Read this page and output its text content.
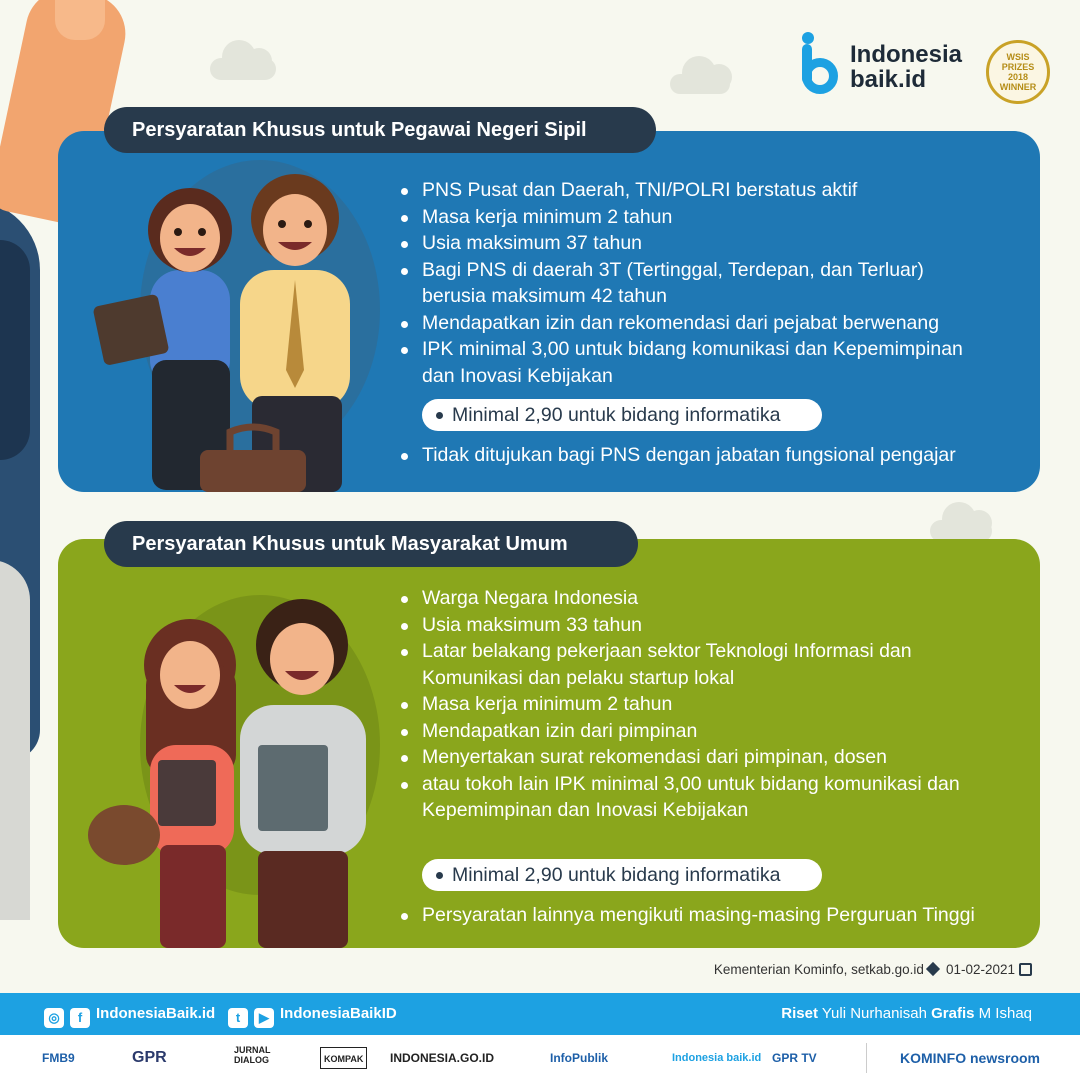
Indonesia
baik.id
WSIS
PRIZES
2018
WINNER
Persyaratan Khusus untuk Pegawai Negeri Sipil
PNS Pusat dan Daerah, TNI/POLRI berstatus aktif
Masa kerja minimum 2 tahun
Usia maksimum 37 tahun
Bagi PNS di daerah 3T (Tertinggal, Terdepan, dan Terluar) berusia maksimum 42 tahun
Mendapatkan izin dan rekomendasi dari pejabat berwenang
IPK minimal 3,00 untuk bidang komunikasi dan Kepemimpinan dan Inovasi Kebijakan
Minimal 2,90 untuk bidang informatika
Tidak ditujukan bagi PNS dengan jabatan fungsional pengajar
Persyaratan Khusus untuk Masyarakat Umum
Warga Negara Indonesia
Usia maksimum 33 tahun
Latar belakang pekerjaan sektor Teknologi Informasi dan Komunikasi dan pelaku startup lokal
Masa kerja minimum 2 tahun
Mendapatkan izin dari pimpinan
Menyertakan surat rekomendasi dari pimpinan, dosen
atau tokoh lain IPK minimal 3,00 untuk bidang komunikasi dan Kepemimpinan dan Inovasi Kebijakan
Minimal 2,90 untuk bidang informatika
Persyaratan lainnya mengikuti masing-masing Perguruan Tinggi
Kementerian Kominfo, setkab.go.id 01-02-2021
◎ f IndonesiaBaik.id	t ▶ IndonesiaBaikID	Riset Yuli Nurhanisah Grafis M Ishaq
FMB9	GPR	JURNAL DIALOG	KOMPAK	INDONESIA.GO.ID	InfoPublik	Indonesia baik.id GPR TV	KOMINFO newsroom
